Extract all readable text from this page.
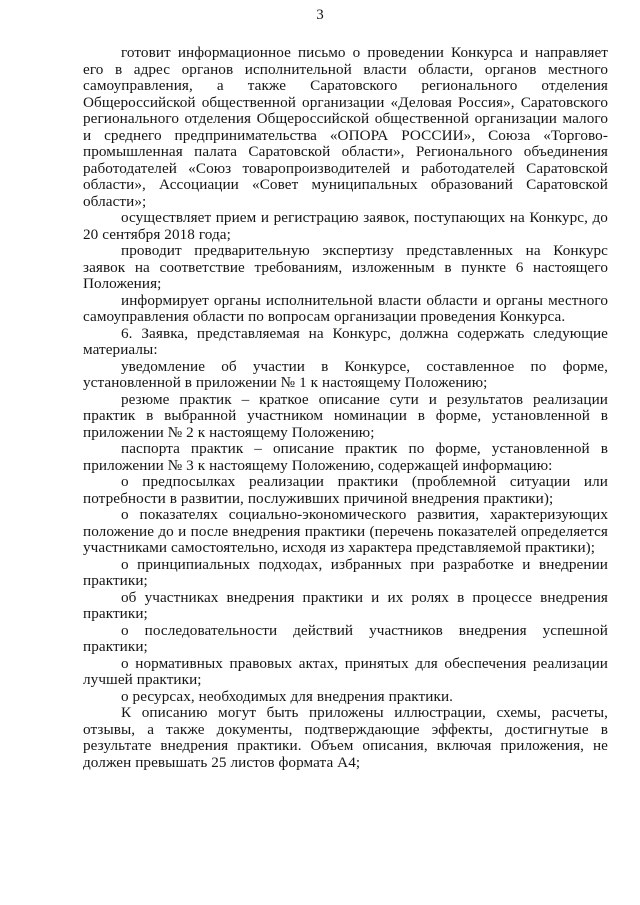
3

готовит информационное письмо о проведении Конкурса и направляет его в адрес органов исполнительной власти области, органов местного самоуправления, а также Саратовского регионального отделения Общероссийской общественной организации «Деловая Россия», Саратовского регионального отделения Общероссийской общественной организации малого и среднего предпринимательства «ОПОРА РОССИИ», Союза «Торгово-промышленная палата Саратовской области», Регионального объединения работодателей «Союз товаропроизводителей и работодателей Саратовской области», Ассоциации «Совет муниципальных образований Саратовской области»;

осуществляет прием и регистрацию заявок, поступающих на Конкурс, до 20 сентября 2018 года;

проводит предварительную экспертизу представленных на Конкурс заявок на соответствие требованиям, изложенным в пункте 6 настоящего Положения;

информирует органы исполнительной власти области и органы местного самоуправления области по вопросам организации проведения Конкурса.

6. Заявка, представляемая на Конкурс, должна содержать следующие материалы:

уведомление об участии в Конкурсе, составленное по форме, установленной в приложении № 1 к настоящему Положению;

резюме практик – краткое описание сути и результатов реализации практик в выбранной участником номинации в форме, установленной в приложении № 2 к настоящему Положению;

паспорта практик – описание практик по форме, установленной в приложении № 3 к настоящему Положению, содержащей информацию:

о предпосылках реализации практики (проблемной ситуации или потребности в развитии, послуживших причиной внедрения практики);

о показателях социально-экономического развития, характеризующих положение до и после внедрения практики (перечень показателей определяется участниками самостоятельно, исходя из характера представляемой практики);

о принципиальных подходах, избранных при разработке и внедрении практики;

об участниках внедрения практики и их ролях в процессе внедрения практики;

о последовательности действий участников внедрения успешной практики;

о нормативных правовых актах, принятых для обеспечения реализации лучшей практики;

о ресурсах, необходимых для внедрения практики.

К описанию могут быть приложены иллюстрации, схемы, расчеты, отзывы, а также документы, подтверждающие эффекты, достигнутые в результате внедрения практики. Объем описания, включая приложения, не должен превышать 25 листов формата А4;
